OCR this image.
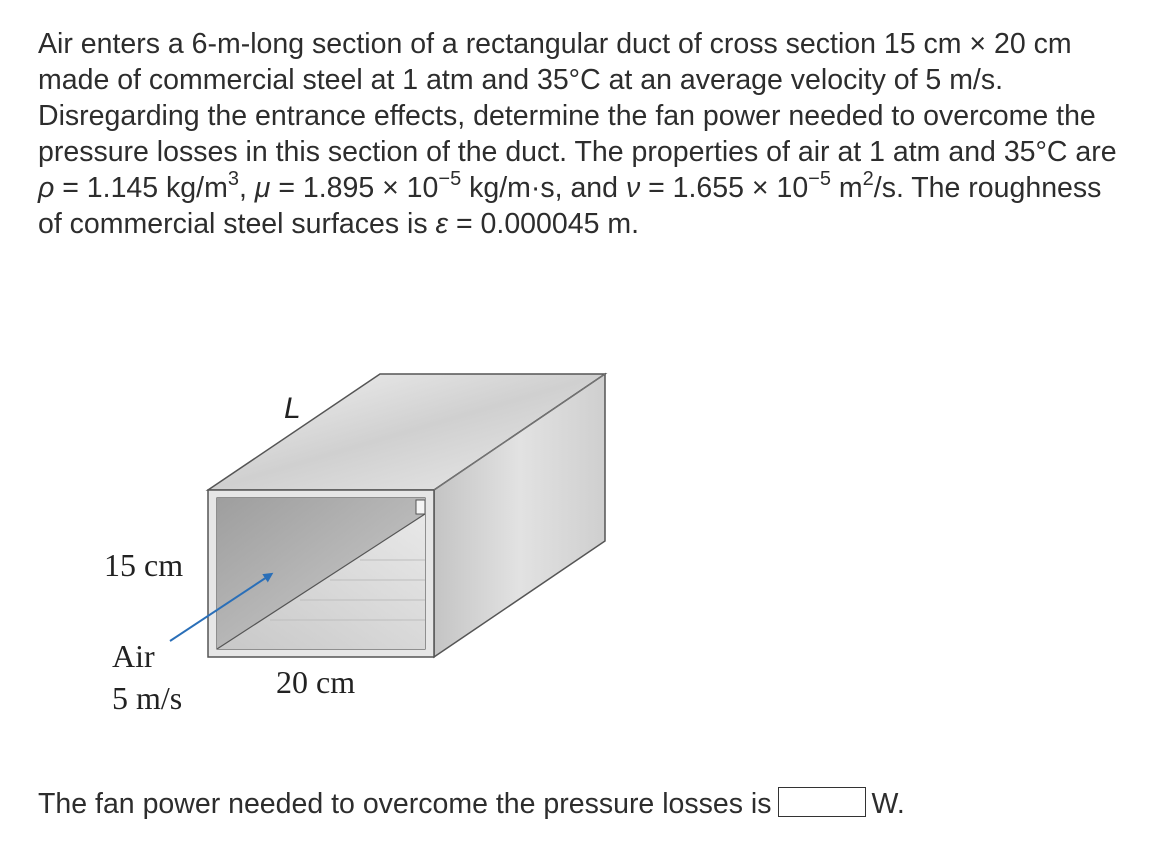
Air enters a 6-m-long section of a rectangular duct of cross section 15 cm × 20 cm made of commercial steel at 1 atm and 35°C at an average velocity of 5 m/s. Disregarding the entrance effects, determine the fan power needed to overcome the pressure losses in this section of the duct. The properties of air at 1 atm and 35°C are ρ = 1.145 $kg/m^3$, $\mu = 1.895 \times 10^{-5}$ kg/m·s, and $\nu = 1.655 \times 10^{-5}$ $m^2/s$. The roughness of commercial steel surfaces is ε = 0.000045 m.

L
15 cm
Air
5 m/s	20 cm
The fan power needed to overcome the pressure losses is	W.
